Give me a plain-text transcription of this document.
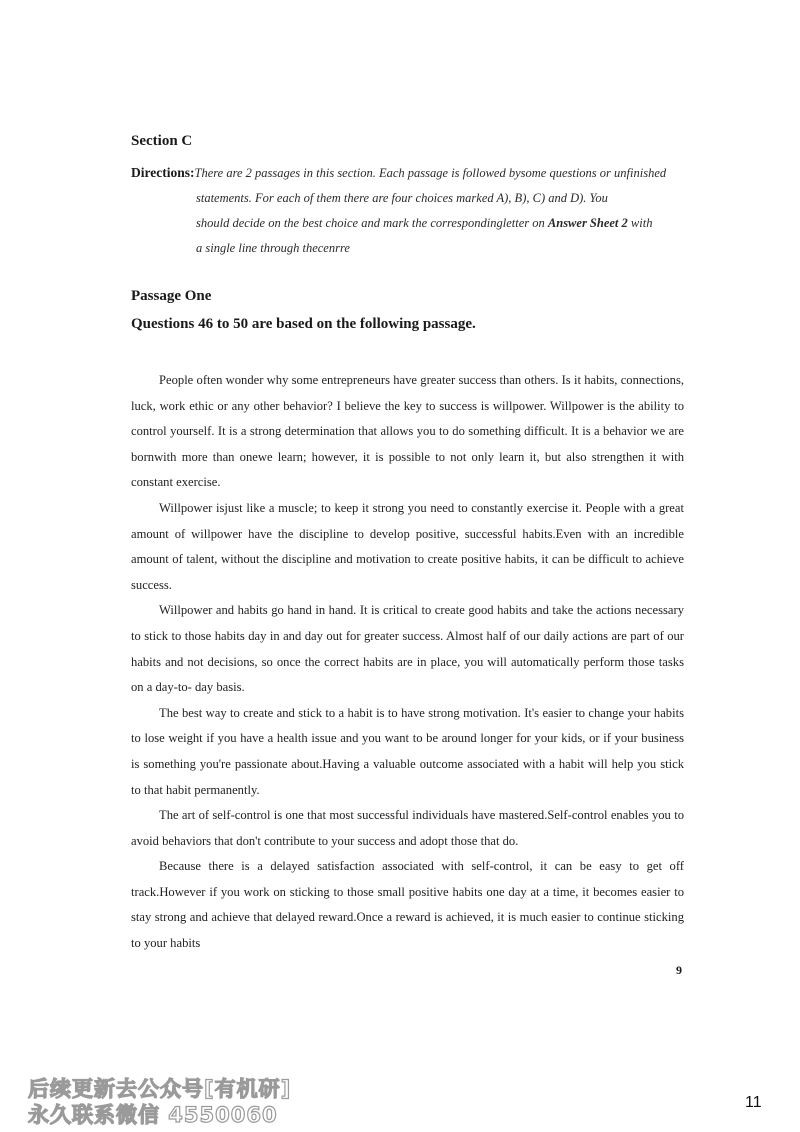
Section C
Directions:There are 2 passages in this section. Each passage is followed bysome questions or unfinished
statements. For each of them there are four choices marked A), B), C) and D). You
should decide on the best choice and mark the correspondingletter on Answer Sheet 2 with
a single line through thecenrre
Passage One
Questions 46 to 50 are based on the following passage.

People often wonder why some entrepreneurs have greater success than others. Is it habits, connections, luck, work ethic or any other behavior? I believe the key to success is willpower. Willpower is the ability to control yourself. It is a strong determination that allows you to do something difficult. It is a behavior we are bornwith more than onewe learn; however, it is possible to not only learn it, but also strengthen it with constant exercise.

Willpower isjust like a muscle; to keep it strong you need to constantly exercise it. People with a great amount of willpower have the discipline to develop positive, successful habits.Even with an incredible amount of talent, without the discipline and motivation to create positive habits, it can be difficult to achieve success.

Willpower and habits go hand in hand. It is critical to create good habits and take the actions necessary to stick to those habits day in and day out for greater success. Almost half of our daily actions are part of our habits and not decisions, so once the correct habits are in place, you will automatically perform those tasks on a day-to- day basis.

The best way to create and stick to a habit is to have strong motivation. It's easier to change your habits to lose weight if you have a health issue and you want to be around longer for your kids, or if your business is something you're passionate about.Having a valuable outcome associated with a habit will help you stick to that habit permanently.

The art of self-control is one that most successful individuals have mastered.Self-control enables you to avoid behaviors that don't contribute to your success and adopt those that do.

Because there is a delayed satisfaction associated with self-control, it can be easy to get off track.However if you work on sticking to those small positive habits one day at a time, it becomes easier to stay strong and achieve that delayed reward.Once a reward is achieved, it is much easier to continue sticking to your habits

9
后续更新去公众号[有机研]
永久联系微信 4550060
11
